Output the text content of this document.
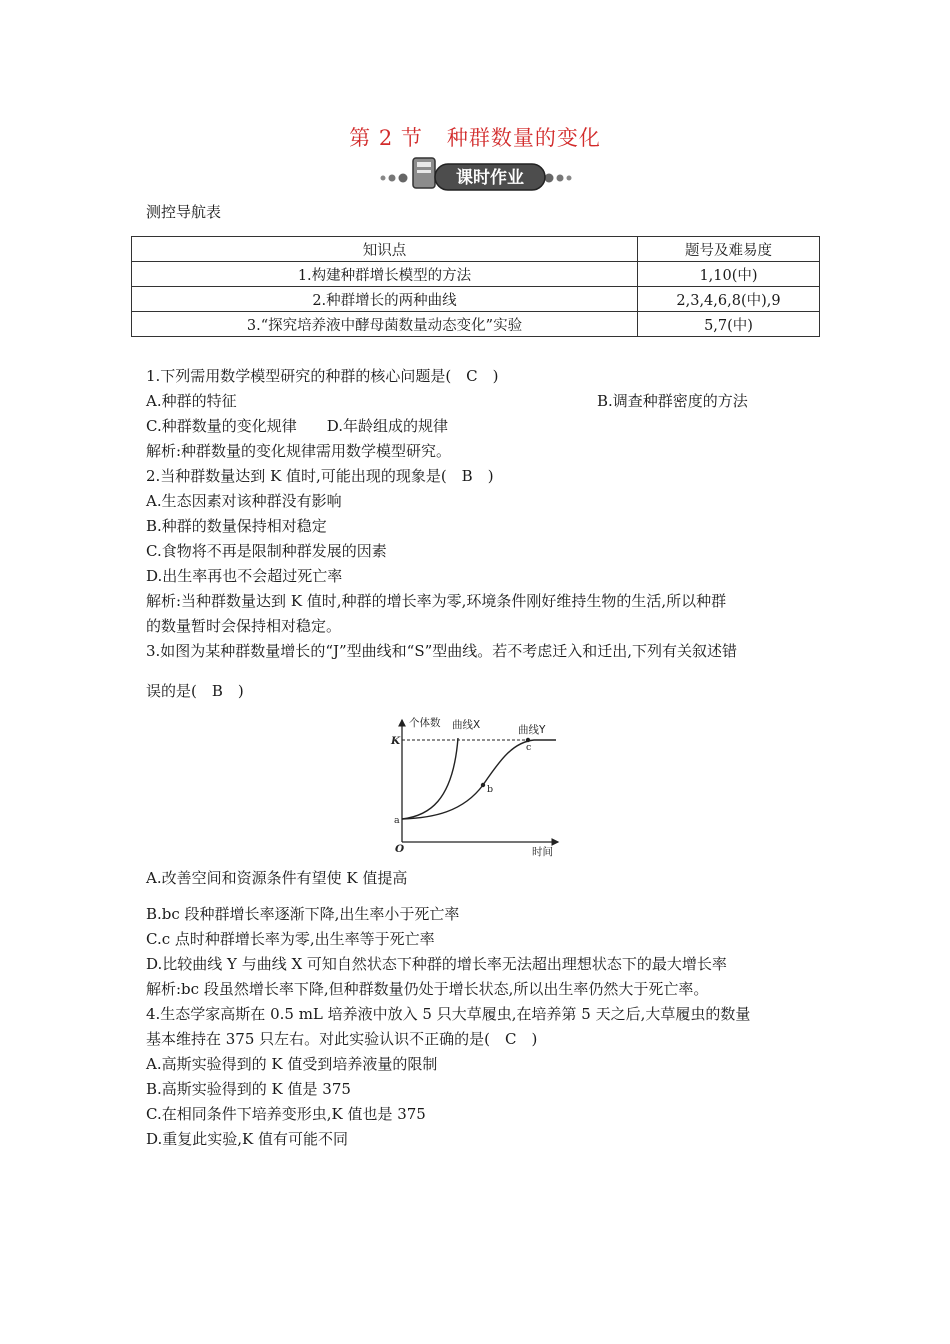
第 2 节 种群数量的变化
课时作业
测控导航表
知识点	题号及难易度
1.构建种群增长模型的方法	1,10(中)
2.种群增长的两种曲线	2,3,4,6,8(中),9
3.“探究培养液中酵母菌数量动态变化”实验	5,7(中)

1.下列需用数学模型研究的种群的核心问题是(　C　)

A.种群的特征	B.调查种群密度的方法

C.种群数量的变化规律　　D.年龄组成的规律

解析:种群数量的变化规律需用数学模型研究。

2.当种群数量达到 K 值时,可能出现的现象是(　B　)

A.生态因素对该种群没有影响

B.种群的数量保持相对稳定

C.食物将不再是限制种群发展的因素

D.出生率再也不会超过死亡率

解析:当种群数量达到 K 值时,种群的增长率为零,环境条件刚好维持生物的生活,所以种群

的数量暂时会保持相对稳定。

3.如图为某种群数量增长的“J”型曲线和“S”型曲线。若不考虑迁入和迁出,下列有关叙述错

误的是(　B　)

个体数 曲线X	曲线Y
K
O	时间
a
b
c

A.改善空间和资源条件有望使 K 值提高

B.bc 段种群增长率逐渐下降,出生率小于死亡率

C.c 点时种群增长率为零,出生率等于死亡率

D.比较曲线 Y 与曲线 X 可知自然状态下种群的增长率无法超出理想状态下的最大增长率

解析:bc 段虽然增长率下降,但种群数量仍处于增长状态,所以出生率仍然大于死亡率。

4.生态学家高斯在 0.5 mL 培养液中放入 5 只大草履虫,在培养第 5 天之后,大草履虫的数量

基本维持在 375 只左右。对此实验认识不正确的是(　C　)

A.高斯实验得到的 K 值受到培养液量的限制

B.高斯实验得到的 K 值是 375

C.在相同条件下培养变形虫,K 值也是 375

D.重复此实验,K 值有可能不同
